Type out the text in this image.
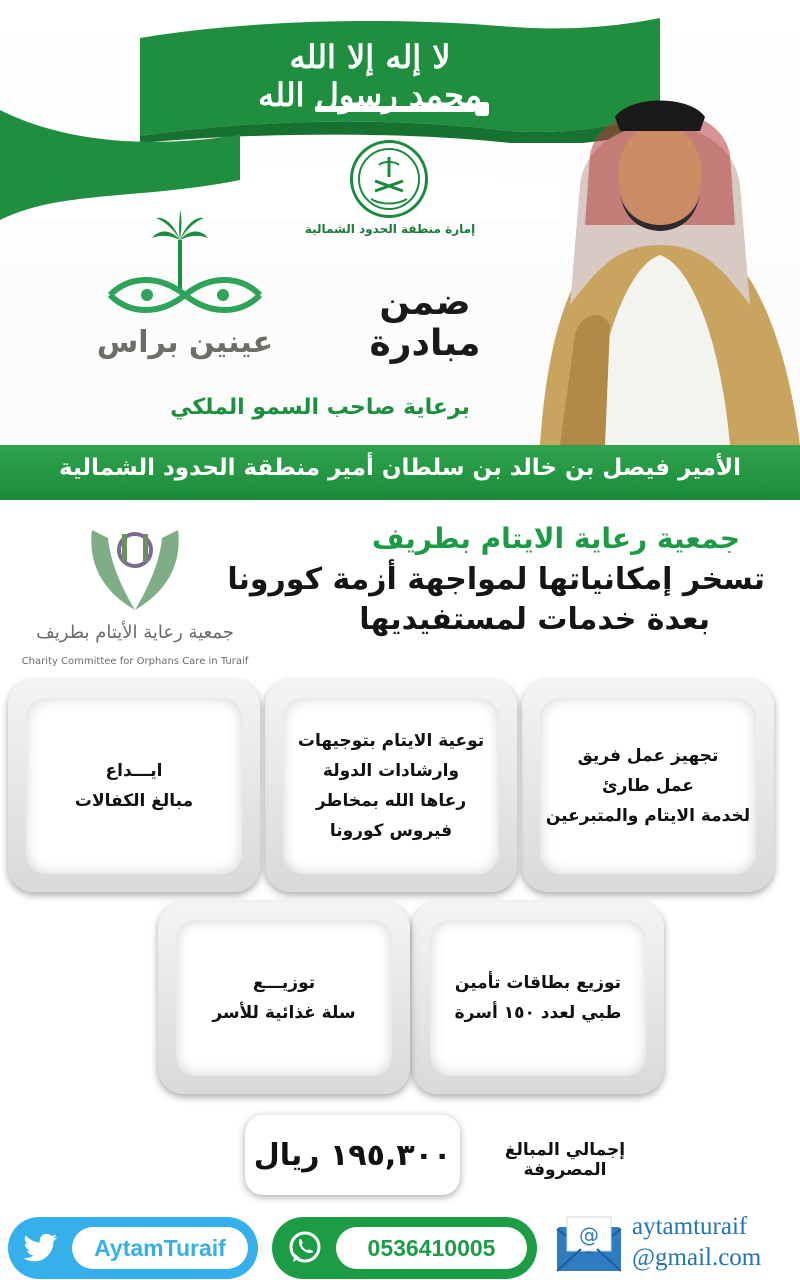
لا إله إلا الله محمد رسول الله
إمارة منطقة الحدود الشمالية
عينين براس
ضمن مبادرة
برعاية صاحب السمو الملكي
الأمير فيصل بن خالد بن سلطان أمير منطقة الحدود الشمالية
جمعية رعاية الأيتام بطريف
Charity Committee for Orphans Care in Turaif
جمعية رعاية الايتام بطريف
تسخر إمكانياتها لمواجهة أزمة كورونا
بعدة خدمات لمستفيديها
تجهيز عمل فريق
عمل طارئ
لخدمة الايتام والمتبرعين
توعية الايتام بتوجيهات
وارشادات الدولة
رعاها الله بمخاطر
فيروس كورونا
ايـــداع
مبالغ الكفالات
توزيع بطاقات تأمين
طبي لعدد ١٥٠ أسرة
توزيـــع
سلة غذائية للأسر
١٩٥,٣٠٠ ريال	إجمالي المبالغ المصروفة
AytamTuraif	0536410005	@ aytamturaif
@gmail.com
